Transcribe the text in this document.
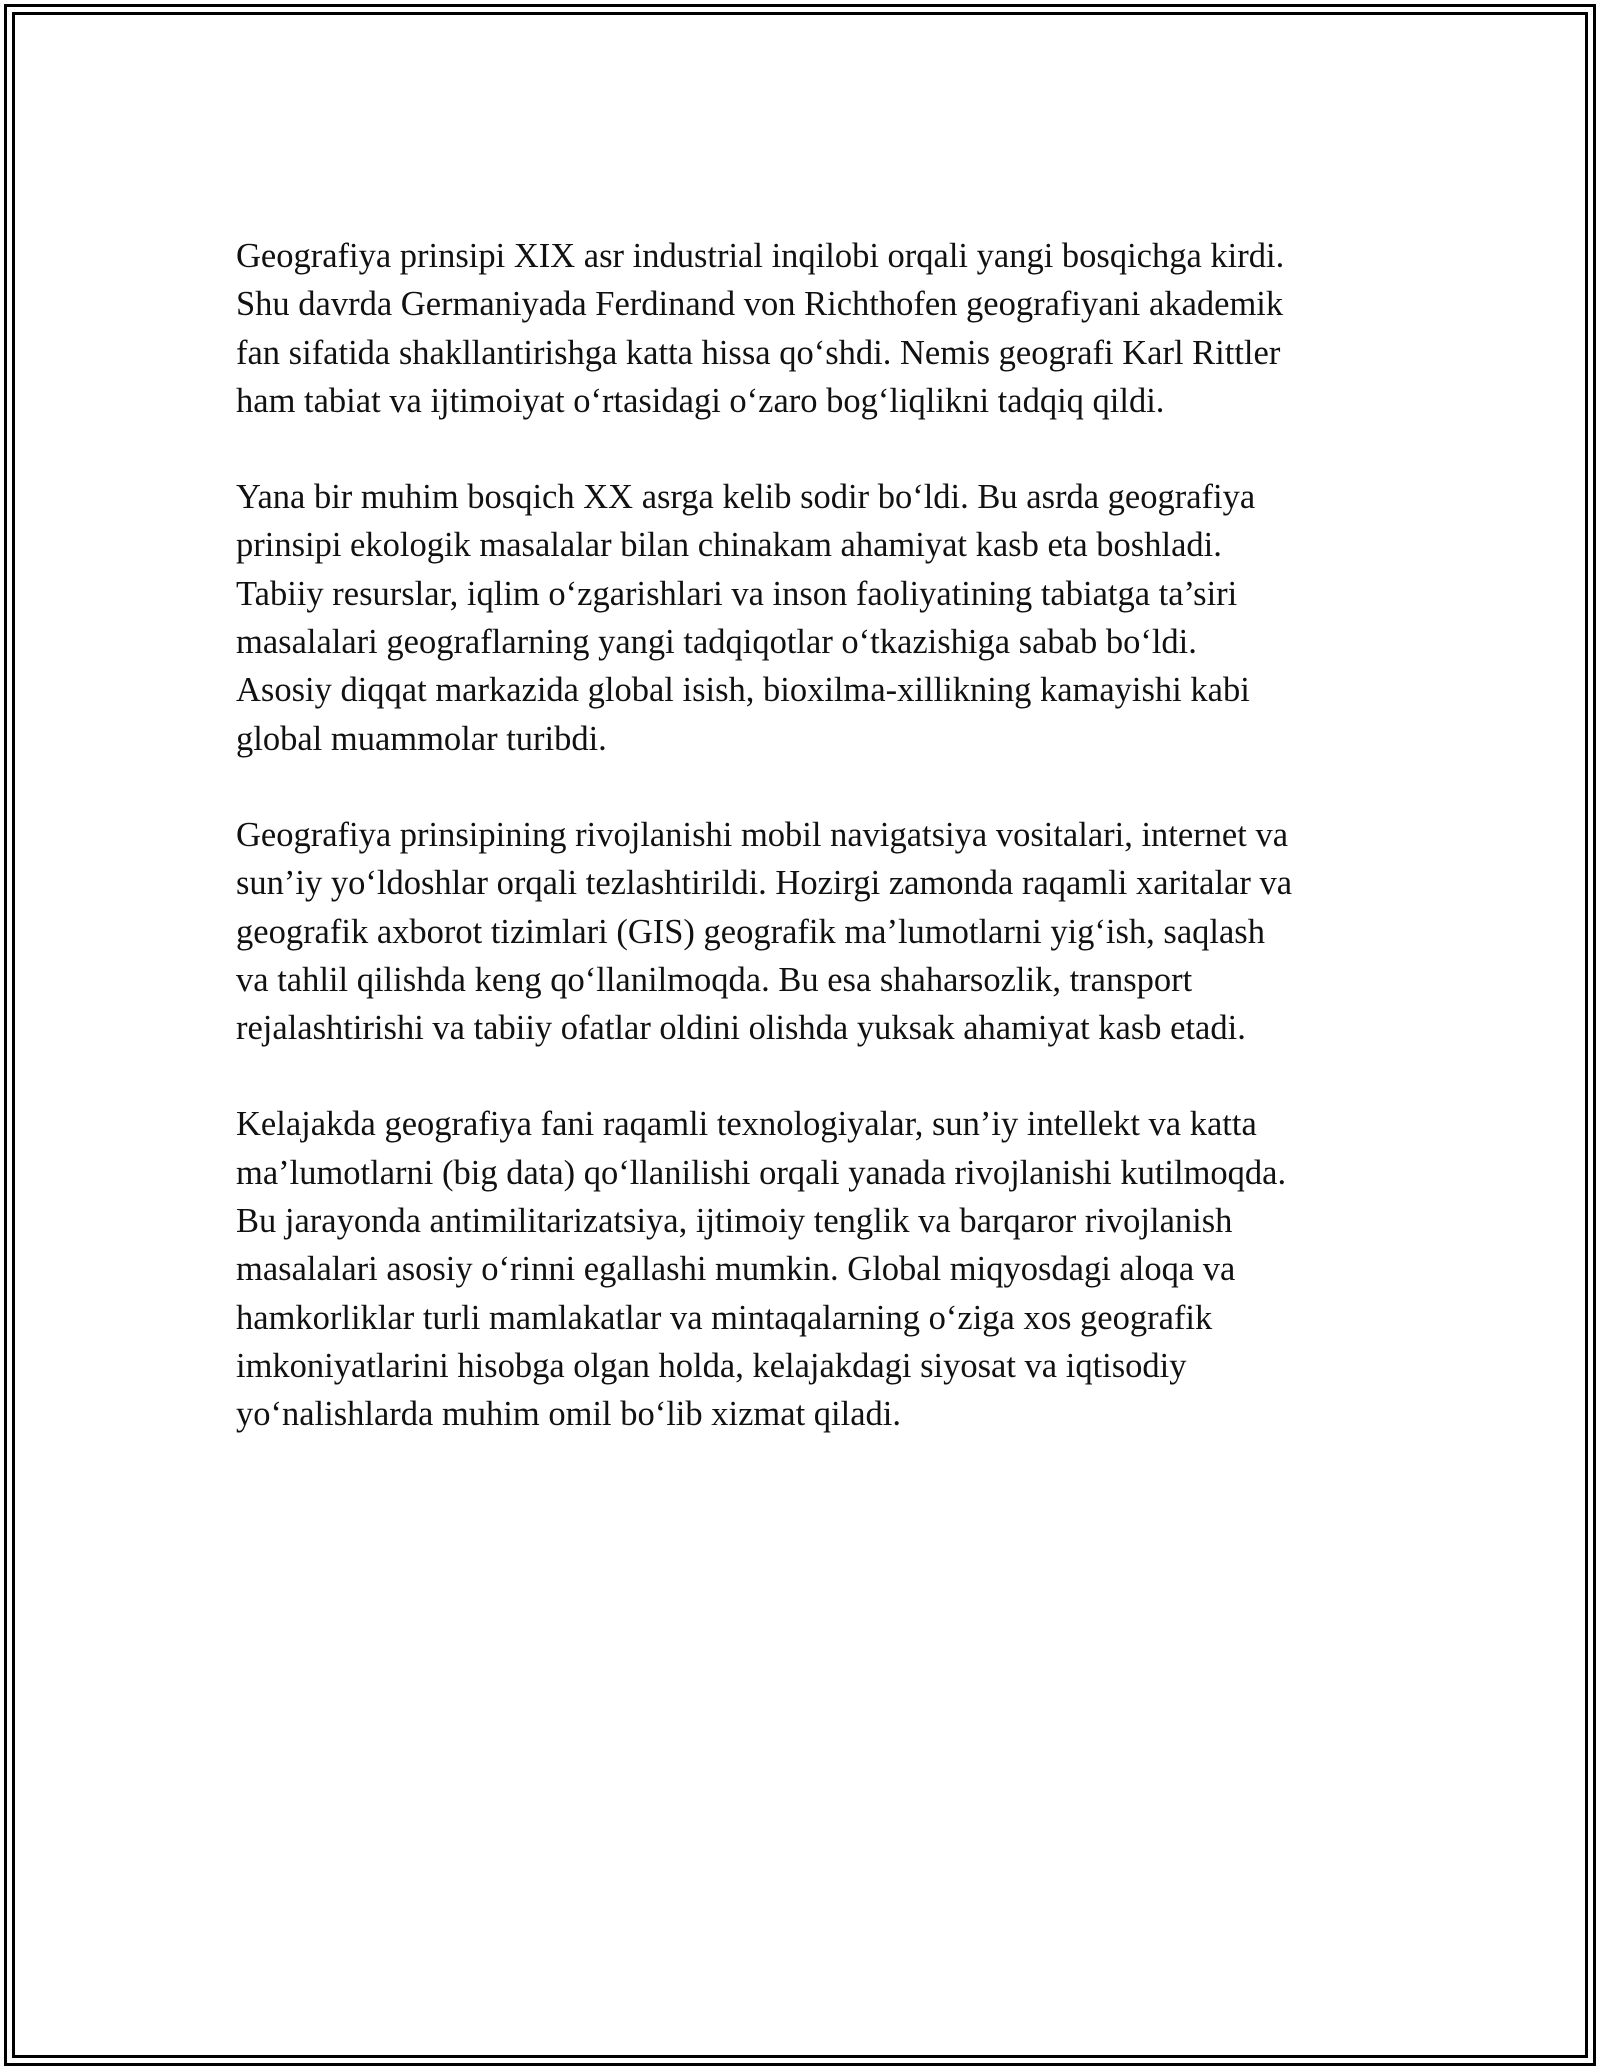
Geografiya prinsipi XIX asr industrial inqilobi orqali yangi bosqichga kirdi.
Shu davrda Germaniyada Ferdinand von Richthofen geografiyani akademik
fan sifatida shakllantirishga katta hissa qo‘shdi. Nemis geografi Karl Rittler
ham tabiat va ijtimoiyat o‘rtasidagi o‘zaro bog‘liqlikni tadqiq qildi.

Yana bir muhim bosqich XX asrga kelib sodir bo‘ldi. Bu asrda geografiya
prinsipi ekologik masalalar bilan chinakam ahamiyat kasb eta boshladi.
Tabiiy resurslar, iqlim o‘zgarishlari va inson faoliyatining tabiatga ta’siri
masalalari geograflarning yangi tadqiqotlar o‘tkazishiga sabab bo‘ldi.
Asosiy diqqat markazida global isish, bioxilma-xillikning kamayishi kabi
global muammolar turibdi.

Geografiya prinsipining rivojlanishi mobil navigatsiya vositalari, internet va
sun’iy yo‘ldoshlar orqali tezlashtirildi. Hozirgi zamonda raqamli xaritalar va
geografik axborot tizimlari (GIS) geografik ma’lumotlarni yig‘ish, saqlash
va tahlil qilishda keng qo‘llanilmoqda. Bu esa shaharsozlik, transport
rejalashtirishi va tabiiy ofatlar oldini olishda yuksak ahamiyat kasb etadi.

Kelajakda geografiya fani raqamli texnologiyalar, sun’iy intellekt va katta
ma’lumotlarni (big data) qo‘llanilishi orqali yanada rivojlanishi kutilmoqda.
Bu jarayonda antimilitarizatsiya, ijtimoiy tenglik va barqaror rivojlanish
masalalari asosiy o‘rinni egallashi mumkin. Global miqyosdagi aloqa va
hamkorliklar turli mamlakatlar va mintaqalarning o‘ziga xos geografik
imkoniyatlarini hisobga olgan holda, kelajakdagi siyosat va iqtisodiy
yo‘nalishlarda muhim omil bo‘lib xizmat qiladi.
